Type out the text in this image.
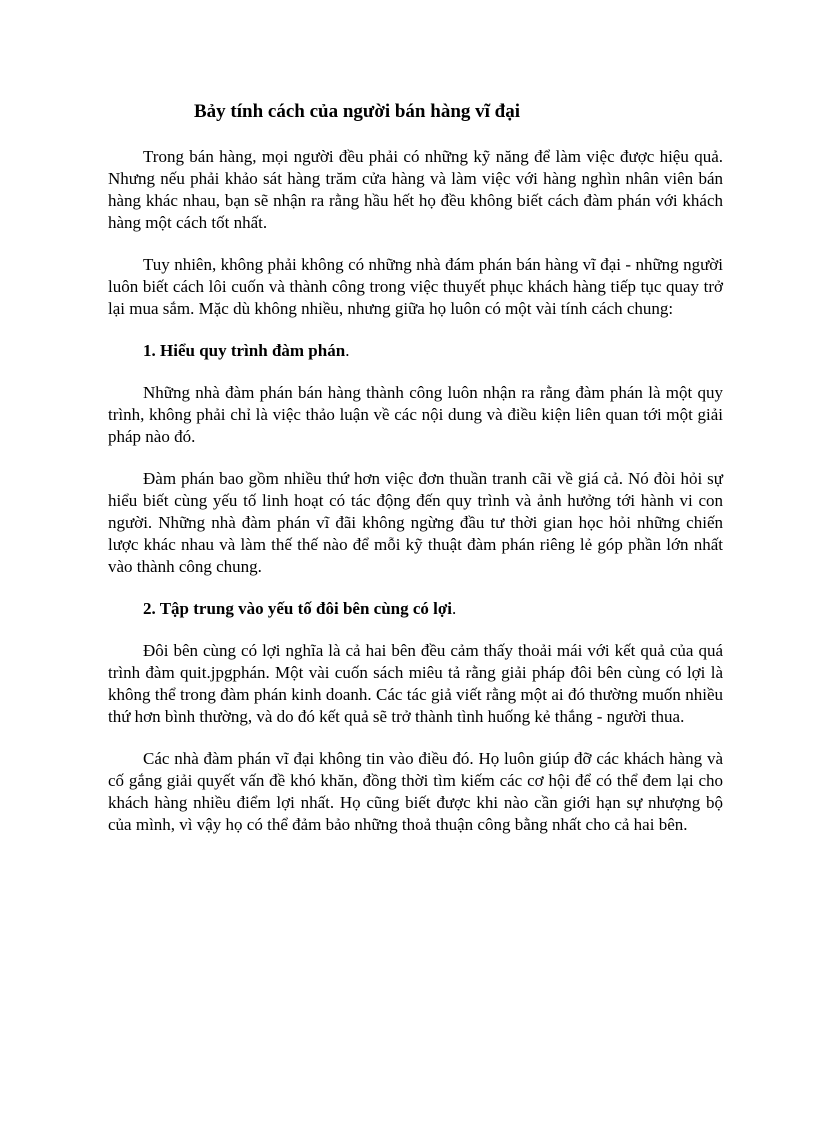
Bảy tính cách của người bán hàng vĩ đại

Trong bán hàng, mọi người đều phải có những kỹ năng để làm việc được hiệu quả. Nhưng nếu phải khảo sát hàng trăm cửa hàng và làm việc với hàng nghìn nhân viên bán hàng khác nhau, bạn sẽ nhận ra rằng hầu hết họ đều không biết cách đàm phán với khách hàng một cách tốt nhất.

Tuy nhiên, không phải không có những nhà đám phán bán hàng vĩ đại - những người luôn biết cách lôi cuốn và thành công trong việc thuyết phục khách hàng tiếp tục quay trở lại mua sắm. Mặc dù không nhiều, nhưng giữa họ luôn có một vài tính cách chung:

1. Hiểu quy trình đàm phán.

Những nhà đàm phán bán hàng thành công luôn nhận ra rằng đàm phán là một quy trình, không phải chỉ là việc thảo luận về các nội dung và điều kiện liên quan tới một giải pháp nào đó.

Đàm phán bao gồm nhiều thứ hơn việc đơn thuần tranh cãi về giá cả. Nó đòi hỏi sự hiểu biết cùng yếu tố linh hoạt có tác động đến quy trình và ảnh hưởng tới hành vi con người. Những nhà đàm phán vĩ đãi không ngừng đầu tư thời gian học hỏi những chiến lược khác nhau và làm thế thế nào để mỗi kỹ thuật đàm phán riêng lẻ góp phần lớn nhất vào thành công chung.

2. Tập trung vào yếu tố đôi bên cùng có lợi.

Đôi bên cùng có lợi nghĩa là cả hai bên đều cảm thấy thoải mái với kết quả của quá trình đàm quit.jpgphán. Một vài cuốn sách miêu tả rằng giải pháp đôi bên cùng có lợi là không thể trong đàm phán kinh doanh. Các tác giả viết rằng một ai đó thường muốn nhiều thứ hơn bình thường, và do đó kết quả sẽ trở thành tình huống kẻ thắng - người thua.

Các nhà đàm phán vĩ đại không tin vào điều đó. Họ luôn giúp đỡ các khách hàng và cố gắng giải quyết vấn đề khó khăn, đồng thời tìm kiếm các cơ hội để có thể đem lại cho khách hàng nhiều điểm lợi nhất. Họ cũng biết được khi nào cần giới hạn sự nhượng bộ của mình, vì vậy họ có thể đảm bảo những thoả thuận công bằng nhất cho cả hai bên.
